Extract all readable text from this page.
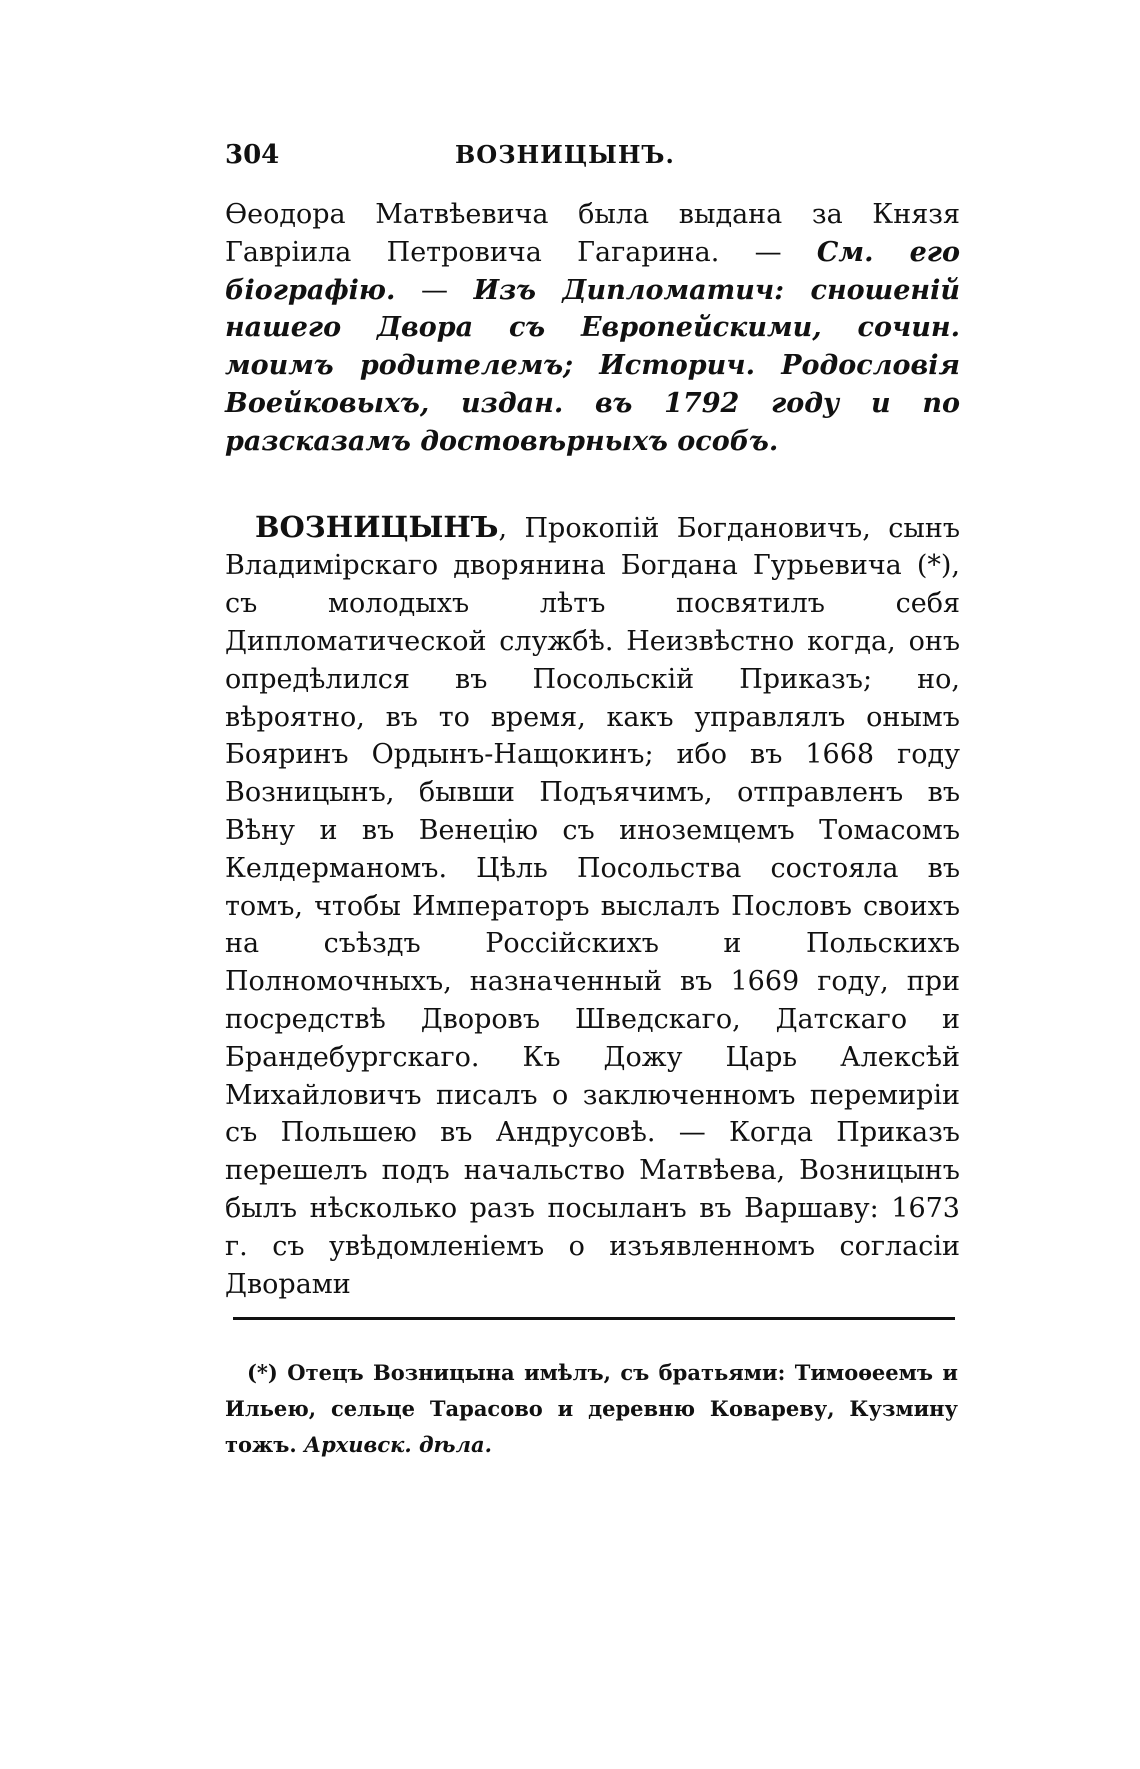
304	ВОЗНИЦЫНЪ.

Ѳеодора Матвѣевича была выдана за Князя Гаврiила Петровича Гагарина. — См. его бiографiю. — Изъ Дипломатич: сношенiй нашего Двора съ Европейскими, сочин. моимъ родителемъ; Историч. Родословiя Воейковыхъ, издан. въ 1792 году и по разсказамъ достовѣрныхъ особъ.

ВОЗНИЦЫНЪ, Прокопiй Богдановичъ, сынъ Владимiрскаго дворянина Богдана Гурьевича (*), съ молодыхъ лѣтъ посвятилъ себя Дипломатической службѣ. Неизвѣстно когда, онъ опредѣлился въ Посольскiй Приказъ; но, вѣроятно, въ то время, какъ управлялъ онымъ Бояринъ Ордынъ-Нащокинъ; ибо въ 1668 году Возницынъ, бывши Подъячимъ, отправленъ въ Вѣну и въ Венецiю съ иноземцемъ Томасомъ Келдерманомъ. Цѣль Посольства состояла въ томъ, чтобы Императоръ выслалъ Пословъ своихъ на съѣздъ Россiйскихъ и Польскихъ Полномочныхъ, назначенный въ 1669 году, при посредствѣ Дворовъ Шведскаго, Датскаго и Брандебургскаго. Къ Дожу Царь Алексѣй Михайловичъ писалъ о заключенномъ перемирiи съ Польшею въ Андрусовѣ. — Когда Приказъ перешелъ подъ начальство Матвѣева, Возницынъ былъ нѣсколько разъ посыланъ въ Варшаву: 1673 г. съ увѣдомленiемъ о изъявленномъ согласiи Дворами

(*) Отецъ Возницына имѣлъ, съ братьями: Тимоѳеемъ и Ильею, сельце Тарасово и деревню Ковареву, Кузмину тожъ. Архивск. дѣла.
